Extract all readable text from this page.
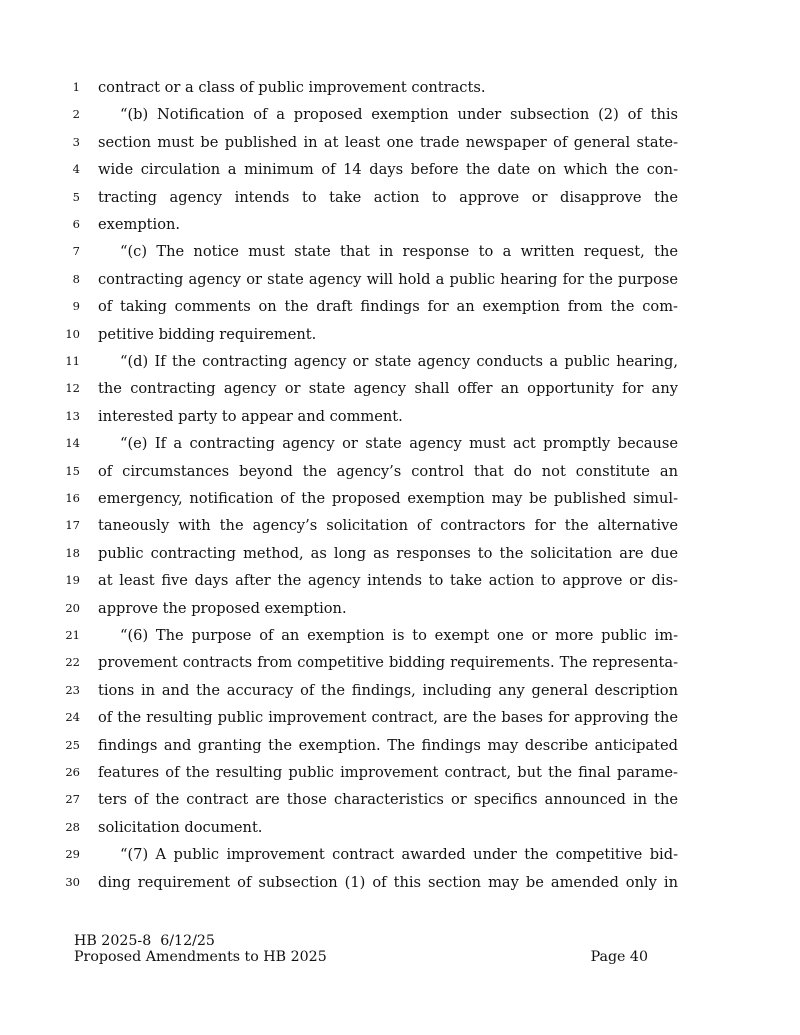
1 contract or a class of public improvement contracts.
2	“(b) Notification of a proposed exemption under subsection (2) of this
3 section must be published in at least one trade newspaper of general state-
4 wide circulation a minimum of 14 days before the date on which the con-
5 tracting agency intends to take action to approve or disapprove the
6 exemption.
7	“(c) The notice must state that in response to a written request, the
8 contracting agency or state agency will hold a public hearing for the purpose
9 of taking comments on the draft findings for an exemption from the com-
10 petitive bidding requirement.
11	“(d) If the contracting agency or state agency conducts a public hearing,
12 the contracting agency or state agency shall offer an opportunity for any
13 interested party to appear and comment.
14	“(e) If a contracting agency or state agency must act promptly because
15 of circumstances beyond the agency’s control that do not constitute an
16 emergency, notification of the proposed exemption may be published simul-
17 taneously with the agency’s solicitation of contractors for the alternative
18 public contracting method, as long as responses to the solicitation are due
19 at least five days after the agency intends to take action to approve or dis-
20 approve the proposed exemption.
21	“(6) The purpose of an exemption is to exempt one or more public im-
22 provement contracts from competitive bidding requirements. The representa-
23 tions in and the accuracy of the findings, including any general description
24 of the resulting public improvement contract, are the bases for approving the
25 findings and granting the exemption. The findings may describe anticipated
26 features of the resulting public improvement contract, but the final parame-
27 ters of the contract are those characteristics or specifics announced in the
28 solicitation document.
29	“(7) A public improvement contract awarded under the competitive bid-
30 ding requirement of subsection (1) of this section may be amended only in
HB 2025-8  6/12/25
Proposed Amendments to HB 2025	Page 40
